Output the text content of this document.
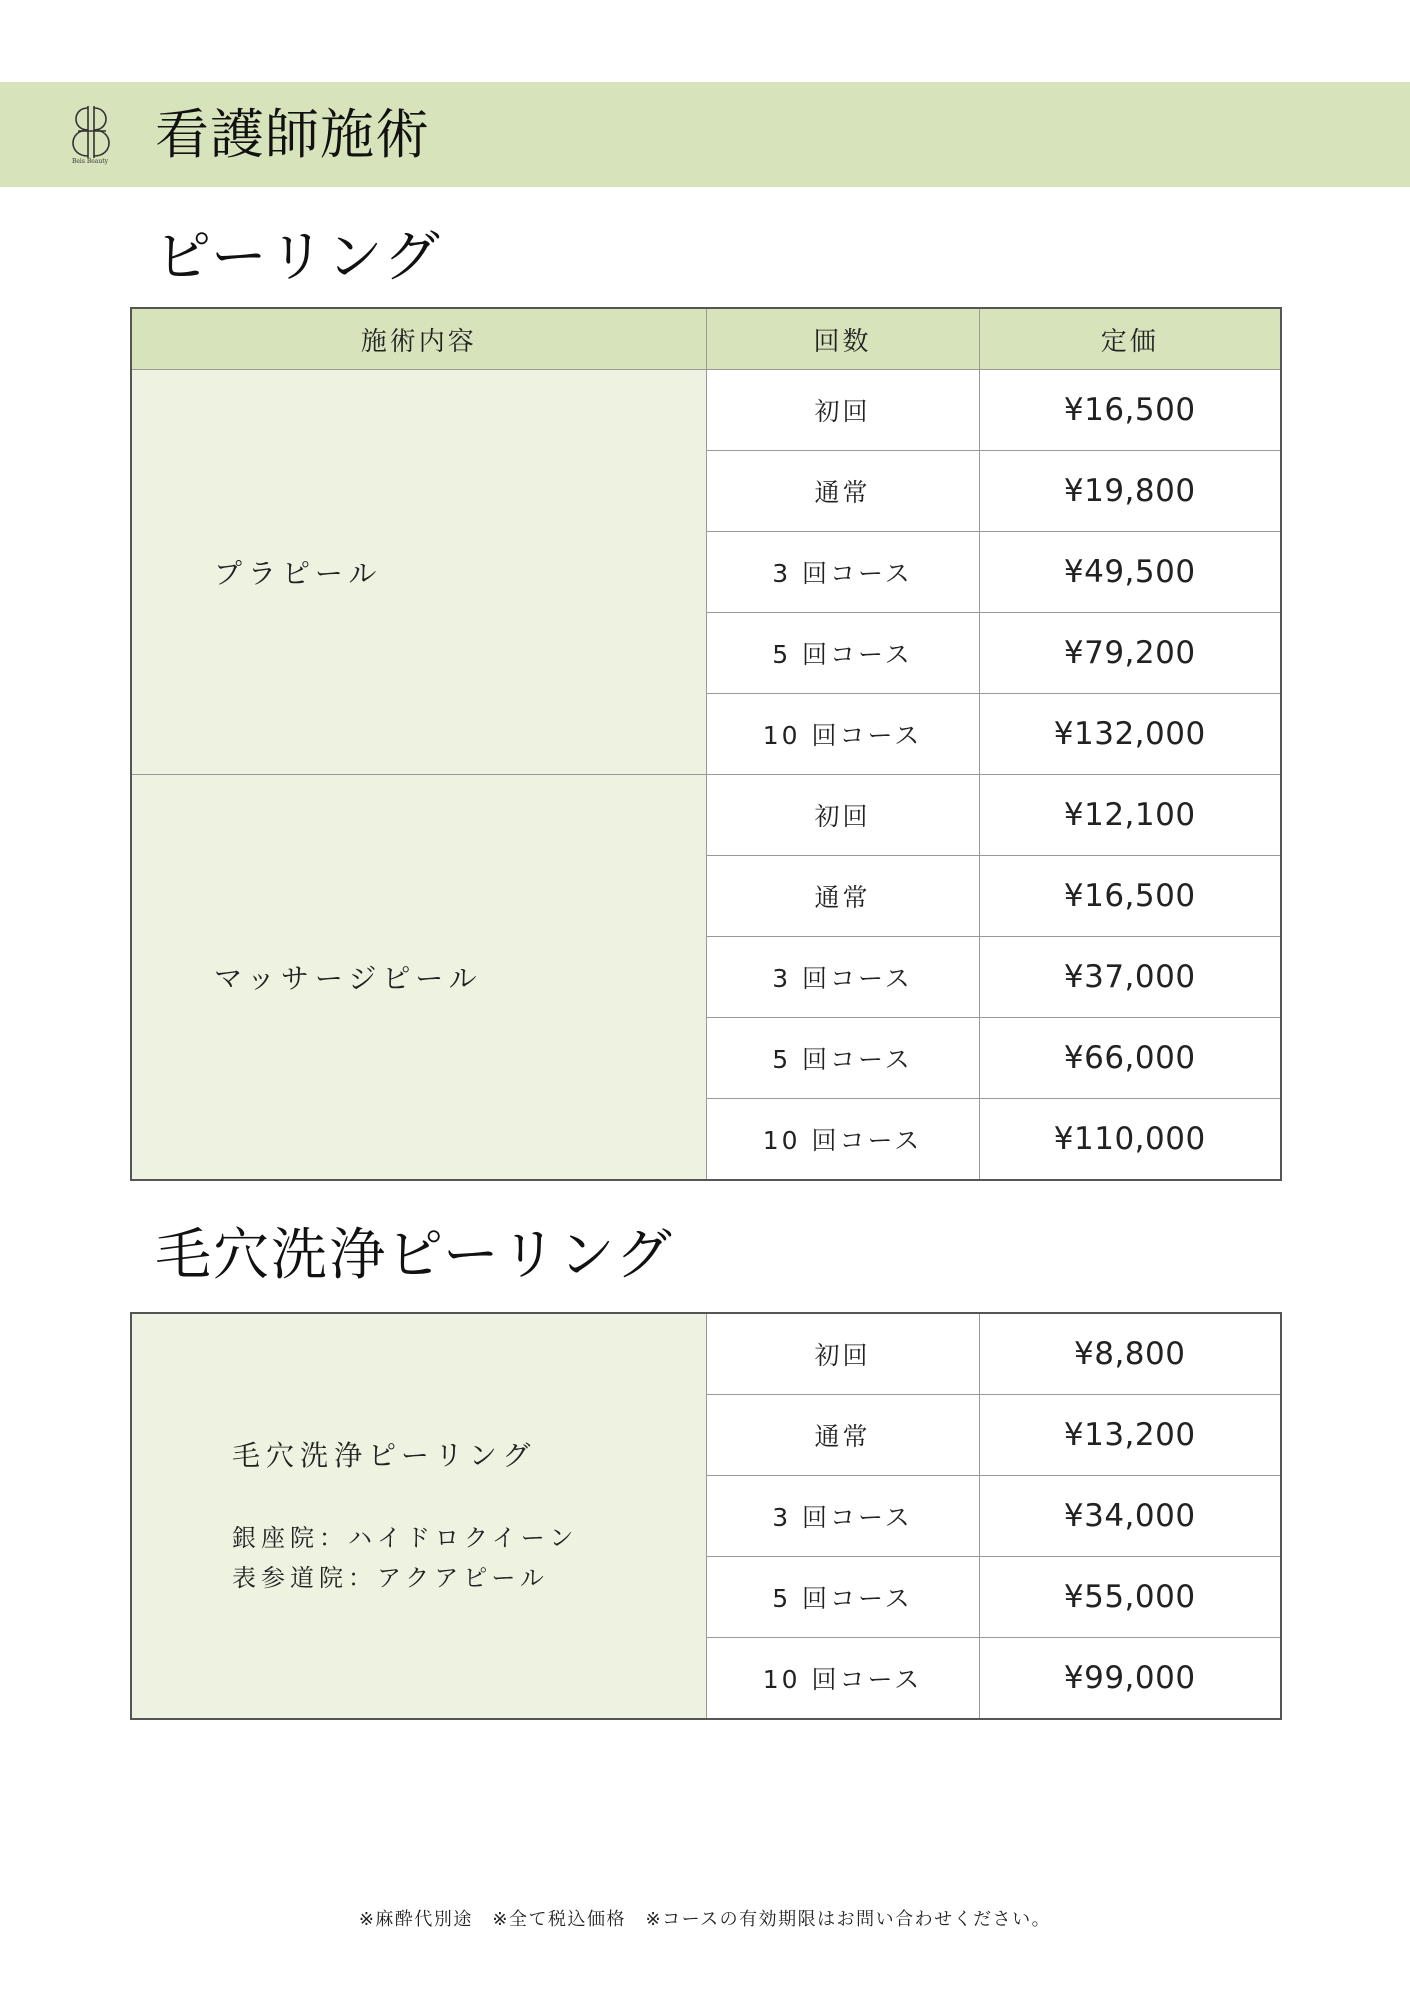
Beis Beauty 看護師施術
ピーリング
施術内容	回数	定価
プラピール	初回	¥16,500
	通常	¥19,800
	3 回コース	¥49,500
	5 回コース	¥79,200
	10 回コース	¥132,000
マッサージピール	初回	¥12,100
	通常	¥16,500
	3 回コース	¥37,000
	5 回コース	¥66,000
	10 回コース	¥110,000
毛穴洗浄ピーリング
毛穴洗浄ピーリング
銀座院：ハイドロクイーン
表参道院：アクアピール	初回	¥8,800
	通常	¥13,200
	3 回コース	¥34,000
	5 回コース	¥55,000
	10 回コース	¥99,000
※麻酔代別途　※全て税込価格　※コースの有効期限はお問い合わせください。
